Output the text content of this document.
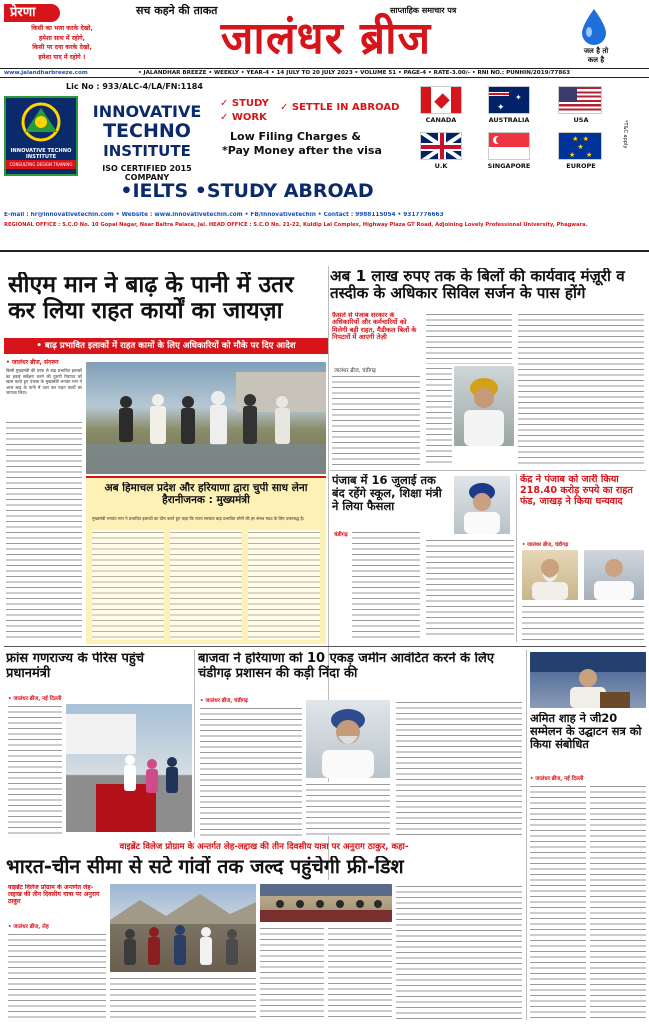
प्रेरणा
किसी का भला करके देखो,
हमेशा साथ में रहोगे,
किसी पर दया करके देखो,
हमेशा याद में रहोगे !
सच कहने की ताकत	साप्ताहिक समाचार पत्र
जालंधर ब्रीज	जल है तो
कल है
www.jalandharbreeze.com	• JALANDHAR BREEZE • WEEKLY • YEAR-4 • 14 JULY TO 20 JULY 2023 • VOLUME 51 • PAGE-4 • RATE-3.00/- • RNI NO.: PUNHIN/2019/77863
Lic No : 933/ALC-4/LA/FN:1184
INNOVATIVE TECHNO INSTITUTE
CONSULTING DESIGN TRAINING
INNOVATIVE
TECHNO
INSTITUTE
ISO CERTIFIED 2015 COMPANY
✓ STUDY
✓ WORK
✓ SETTLE IN ABROAD
Low Filing Charges &
*Pay Money after the visa
•IELTS •STUDY ABROAD
CANADA
✦
✦
AUSTRALIA	USA
U.K	SINGAPORE
★ ★ ★
★   ★

EUROPE
*T&C apply
E-mail : hr@innovativetechin.com • Website : www.innovativetechin.com • FB/Innovativetechin • Contact : 9988115054 • 9317776663
REGIONAL OFFICE : S.C.O No. 10 Gopal Nagar, Near Baltra Palace, Jal. HEAD OFFICE : S.C.O No. 21-22, Kuldip Lal Complex, Highway Plaza GT Road, Adjoining Lovely Professional University, Phagwara.
सीएम मान ने बाढ़ के पानी में उतर कर लिया राहत कार्यों का जायज़ा
• बाढ़ प्रभावित इलाकों में राहत कामों के लिए अधिकारियों को मौके पर दिए आदेश
• जालंधर ब्रीज, संगरूर
किसी मुख्यमंत्री की तरफ से बाढ़ प्रभावित इलाकों का हवाई सर्वेक्षण करने की पुरानी रिवायत को खत्म करते हुए पंजाब के मुख्यमंत्री भगवंत मान ने आज बाढ़ के पानी में उतर कर राहत कार्यों का जायज़ा लिया।
अब हिमाचल प्रदेश और हरियाणा द्वारा चुपी साध लेना हैरानीजनक : मुख्यमंत्री
मुख्यमंत्री भगवंत मान ने प्रभावित इलाकों का दौरा करते हुए कहा कि राज्य सरकार बाढ़ प्रभावित लोगों की हर संभव मदद के लिए वचनबद्ध है।
अब 1 लाख रुपए तक के बिलों की कार्यवाद मंज़ूरी व तस्दीक के अधिकार सिविल सर्जन के पास होंगे
फ़ैसले से पंजाब सरकार के अधिकारियों और कर्मचारियों को मिलेगी बड़ी राहत, मैडीकल बिलों के निपटारों में आएगी तेज़ी
जालंधर ब्रीज, चंडीगढ़
पंजाब में 16 जुलाई तक बंद रहेंगे स्कूल, शिक्षा मंत्री ने लिया फैसला
चंडीगढ़
केंद्र ने पंजाब को जारी किया 218.40 करोड़ रुपये का राहत फंड, जाखड़ ने किया धन्यवाद
• जालंधर ब्रीज, चंडीगढ़
फ्रांस गणराज्य के पेरिस पहुंचे प्रधानमंत्री
• जालंधर ब्रीज, नई दिल्ली
बाजवा ने हरियाणा को 10 एकड़ जमीन आवंटित करने के लिए चंडीगढ़ प्रशासन की कड़ी निंदा की
• जालंधर ब्रीज, चंडीगढ़
अमित शाह ने जी20 सम्मेलन के उद्घाटन सत्र को किया संबोधित
• जालंधर ब्रीज, नई दिल्ली
वाइब्रेंट विलेज प्रोग्राम के अन्तर्गत लेह-लद्दाख की तीन दिवसीय यात्रा पर अनुराग ठाकुर, कहा-
भारत-चीन सीमा से सटे गांवों तक जल्द पहुंचेगी फ्री-डिश
वाइब्रेंट विलेज प्रोग्राम के अन्तर्गत लेह-लद्दाख की तीन दिवसीय यात्रा पर अनुराग ठाकुर
• जालंधर ब्रीज, लेह
